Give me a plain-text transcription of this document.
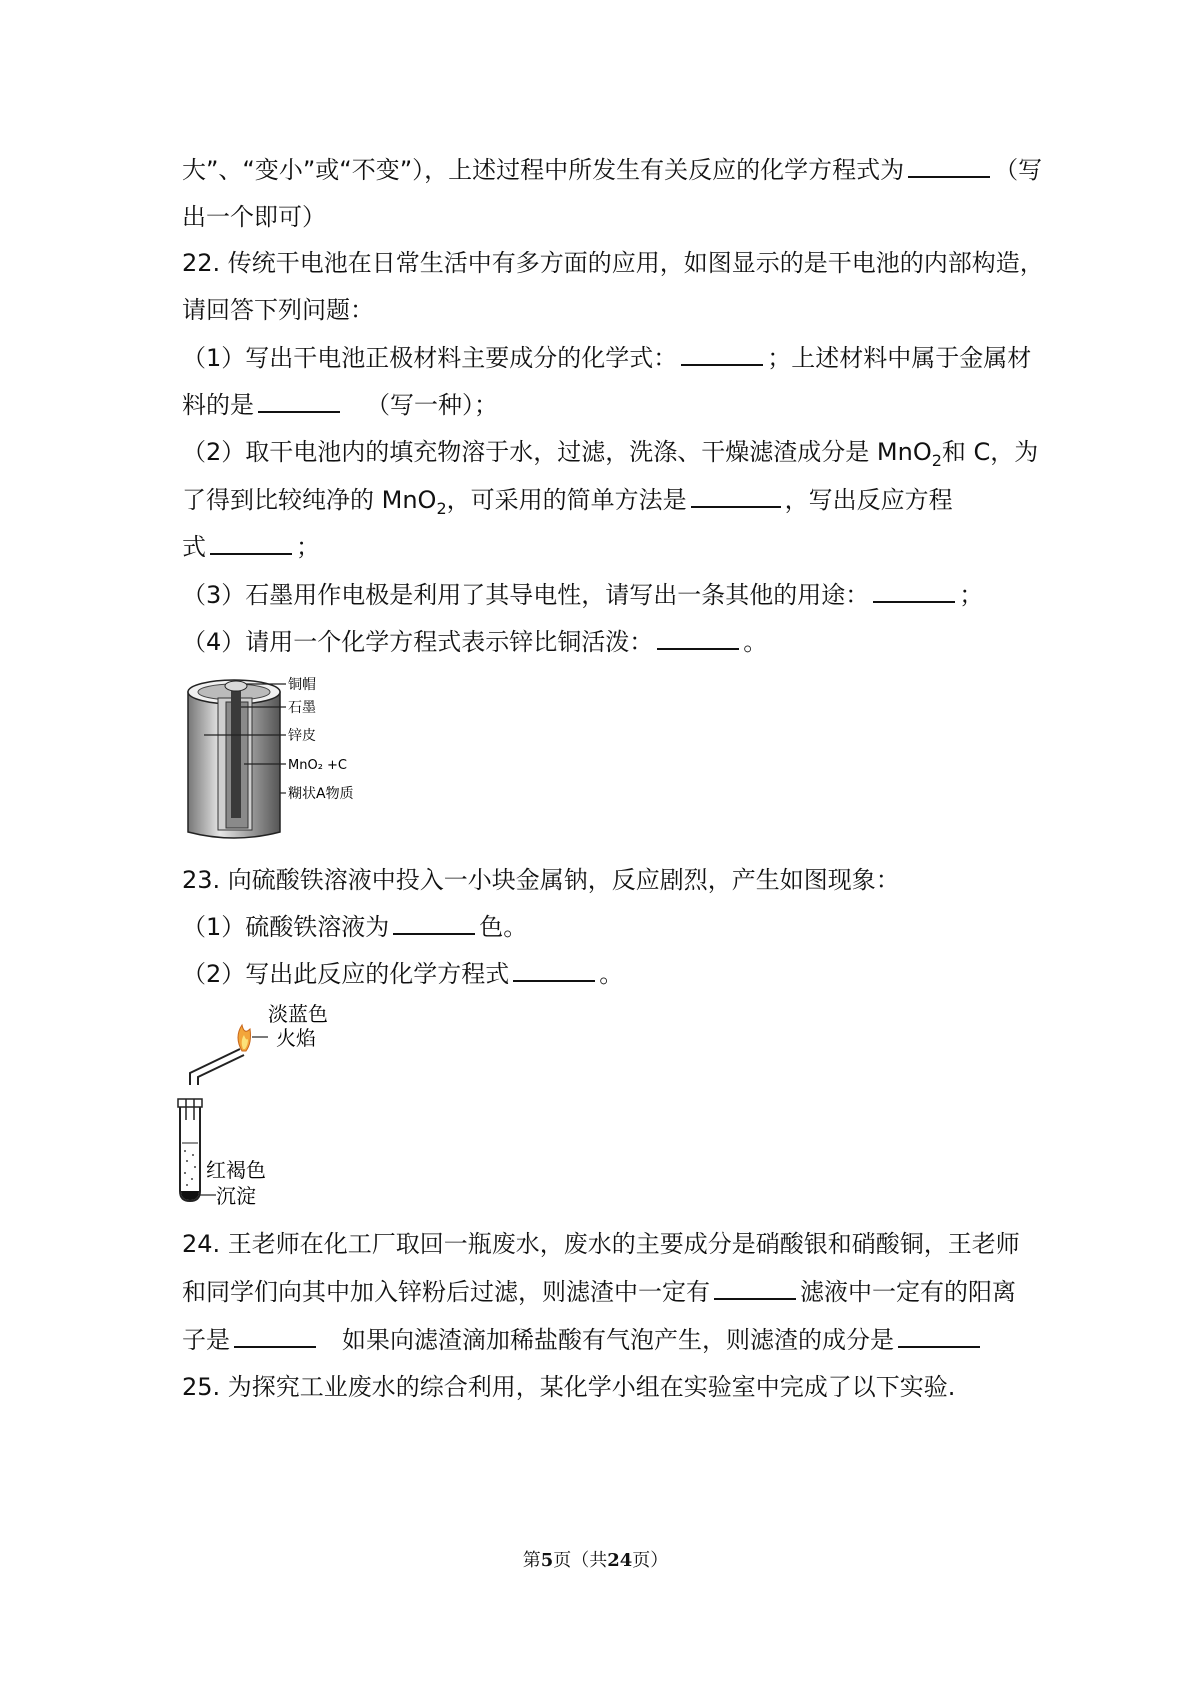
大”、“变小”或“不变”），上述过程中所发生有关反应的化学方程式为	（写
出一个即可）
22. 传统干电池在日常生活中有多方面的应用，如图显示的是干电池的内部构造，
请回答下列问题：
（1）写出干电池正极材料主要成分的化学式：	；上述材料中属于金属材
料的是	（写一种）；
（2）取干电池内的填充物溶于水，过滤，洗涤、干燥滤渣成分是 MnO$_2$和 C，为
了得到比较纯净的 MnO$_2$，可采用的简单方法是	，写出反应方程
式	；
（3）石墨用作电极是利用了其导电性，请写出一条其他的用途：	；
（4）请用一个化学方程式表示锌比铜活泼：	。
铜帽
石墨
锌皮
MnO₂ +C
糊状A物质
23. 向硫酸铁溶液中投入一小块金属钠，反应剧烈，产生如图现象：
（1）硫酸铁溶液为	色。
（2）写出此反应的化学方程式	。
淡蓝色
火焰
红褐色
沉淀
24. 王老师在化工厂取回一瓶废水，废水的主要成分是硝酸银和硝酸铜，王老师
和同学们向其中加入锌粉后过滤，则滤渣中一定有	滤液中一定有的阳离
子是	如果向滤渣滴加稀盐酸有气泡产生，则滤渣的成分是
25. 为探究工业废水的综合利用，某化学小组在实验室中完成了以下实验.
第5页（共24页）
